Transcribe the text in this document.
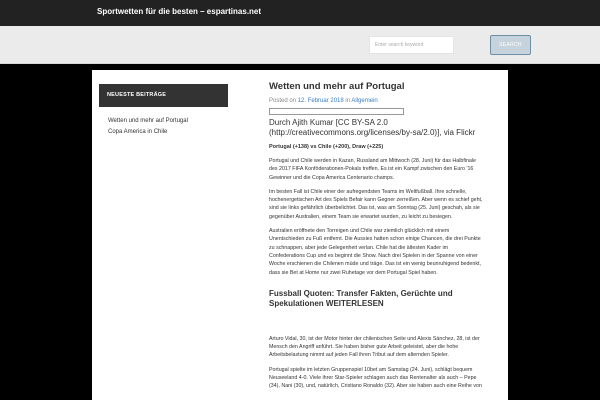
Sportwetten für die besten – espartinas.net
Enter search keyword
SEARCH
NEUESTE BEITRÄGE
Wetten und mehr auf Portugal
Copa America in Chile
Wetten und mehr auf Portugal
Posted on 12. Februar 2018 in Allgemein

Durch Ajith Kumar [CC BY-SA 2.0 (http://creativecommons.org/licenses/by-sa/2.0)], via Flickr

Portugal (+138) vs Chile (+200), Draw (+225)

Portugal und Chile werden in Kazan, Russland am Mittwoch (28. Juni) für das Halbfinale des 2017 FIFA Konföderationen-Pokals treffen. Es ist ein Kampf zwischen den Euro '16 Gewinner und die Copa America Centenario champs.

Im besten Fall ist Chile einer der aufregendsten Teams im Weltfußball. Ihre schnelle, hochenergetischen Art des Spiels Befair kann Gegner zerreißen. Aber wenn es schief geht, sind sie links gefährlich überbelichtet. Das ist, was am Sonntag (25. Juni) geschah, als sie gegenüber Australien, einem Team sie erwartet wurden, zu leicht zu besiegen.

Australien eröffnete den Torreigen und Chile war ziemlich glücklich mit einem Unentschieden zu Fuß entfernt. Die Aussies hatten schon einige Chancen, die drei Punkte zu schnappen, aber jede Gelegenheit verlan. Chile hat die ältesten Kader im Confederations Cup und es beginnt die Show. Nach drei Spielen in der Spanne von einer Woche erschienen die Chilenen müde und träge. Das ist ein wenig beunruhigend bedenkt, dass sie Bet at Home nur zwei Ruhetage vor dem Portugal Spiel haben.

Fussball Quoten: Transfer Fakten, Gerüchte und Spekulationen WEITERLESEN

Arturo Vidal, 30, ist der Motor hinter der chilenischen Seite und Alexis Sánchez, 28, ist der Mensch den Angriff anführt. Sie haben bisher gute Arbeit geleistet, aber die hohe Arbeitsbelastung nimmt auf jeden Fall ihren Tribut auf dem alternden Spieler.

Portugal spielte im letzten Gruppenspiel 10bet am Samstag (24. Juni), schlägt bequem Neuseeland 4-0. Viele ihrer Star-Spieler schlagen auch das Rentenalter als auch – Pepe (34), Nani (30), und, natürlich, Cristiano Ronaldo (32). Aber sie haben auch eine Reihe von
